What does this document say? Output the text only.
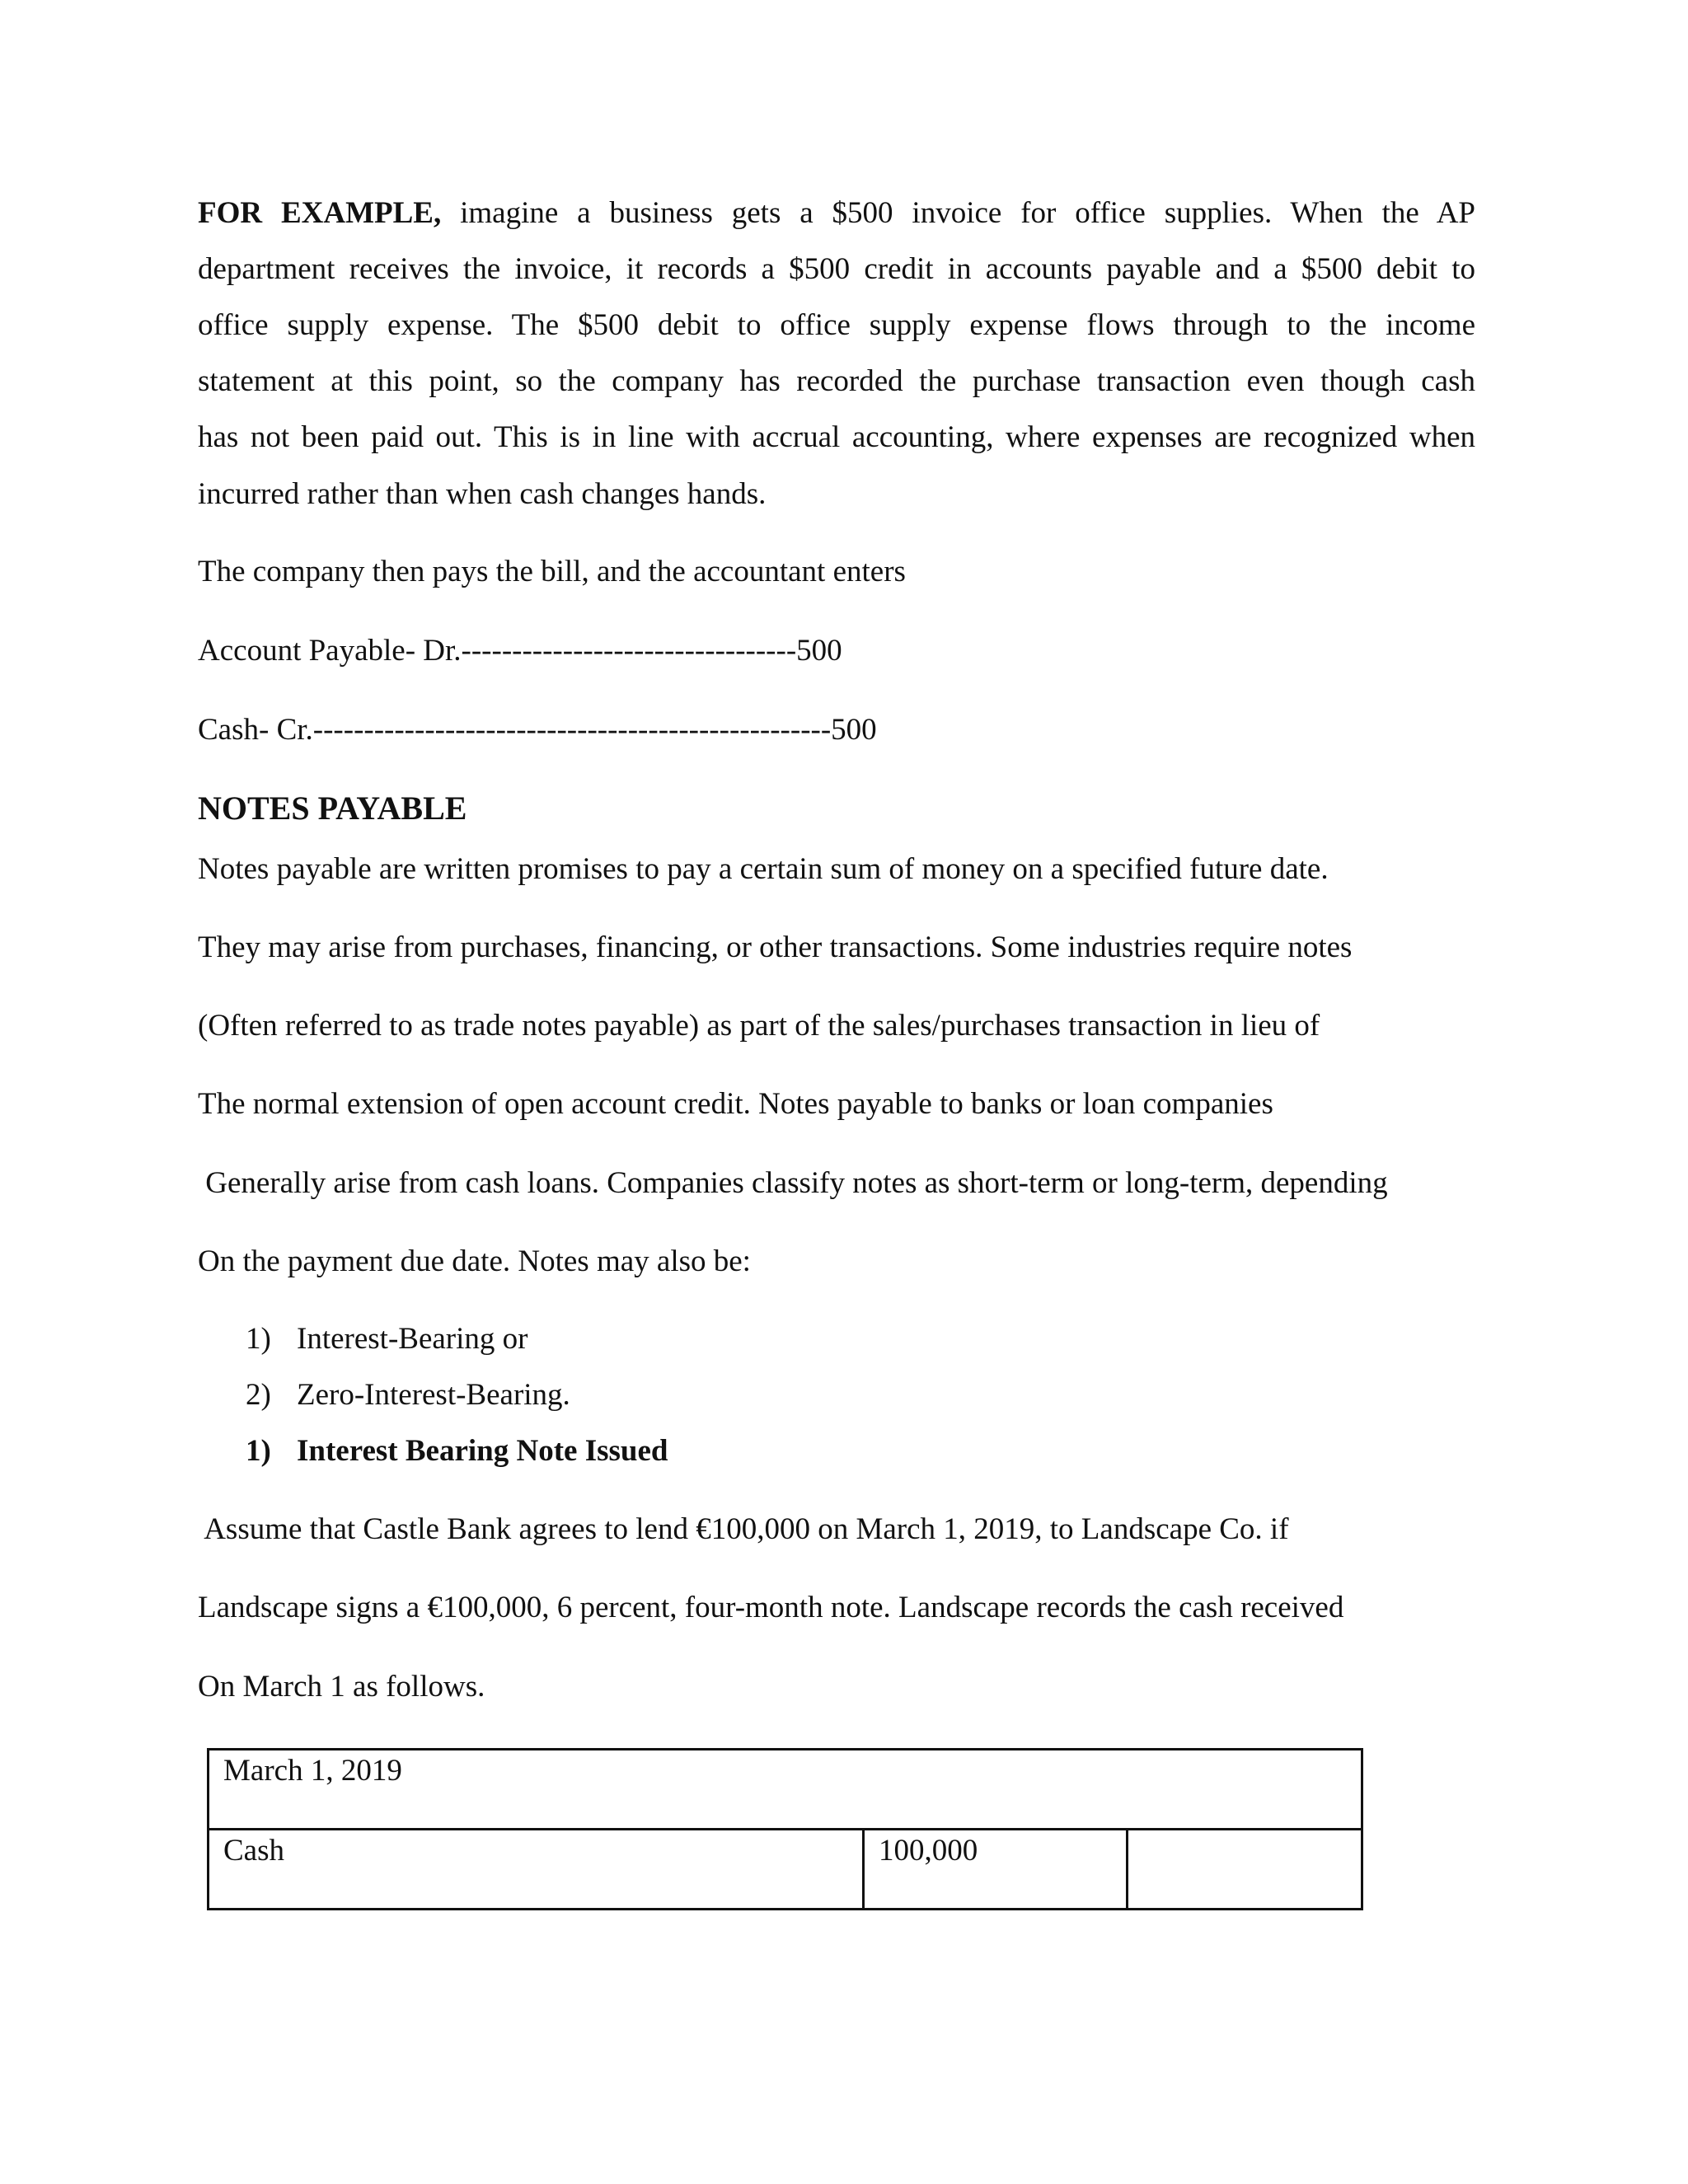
FOR EXAMPLE, imagine a business gets a $500 invoice for office supplies. When the AP
department receives the invoice, it records a $500 credit in accounts payable and a $500 debit to
office supply expense. The $500 debit to office supply expense flows through to the income
statement at this point, so the company has recorded the purchase transaction even though cash
has not been paid out. This is in line with accrual accounting, where expenses are recognized when
incurred rather than when cash changes hands.
The company then pays the bill, and the accountant enters
Account Payable- Dr.---------------------------------500
Cash- Cr.---------------------------------------------------500
NOTES PAYABLE
Notes payable are written promises to pay a certain sum of money on a specified future date.
They may arise from purchases, financing, or other transactions. Some industries require notes
(Often referred to as trade notes payable) as part of the sales/purchases transaction in lieu of
The normal extension of open account credit. Notes payable to banks or loan companies
Generally arise from cash loans. Companies classify notes as short-term or long-term, depending
On the payment due date. Notes may also be:
1) Interest-Bearing or
2) Zero-Interest-Bearing.
1) Interest Bearing Note Issued
Assume that Castle Bank agrees to lend €100,000 on March 1, 2019, to Landscape Co. if
Landscape signs a €100,000, 6 percent, four-month note. Landscape records the cash received
On March 1 as follows.
March 1, 2019
Cash	100,000	
